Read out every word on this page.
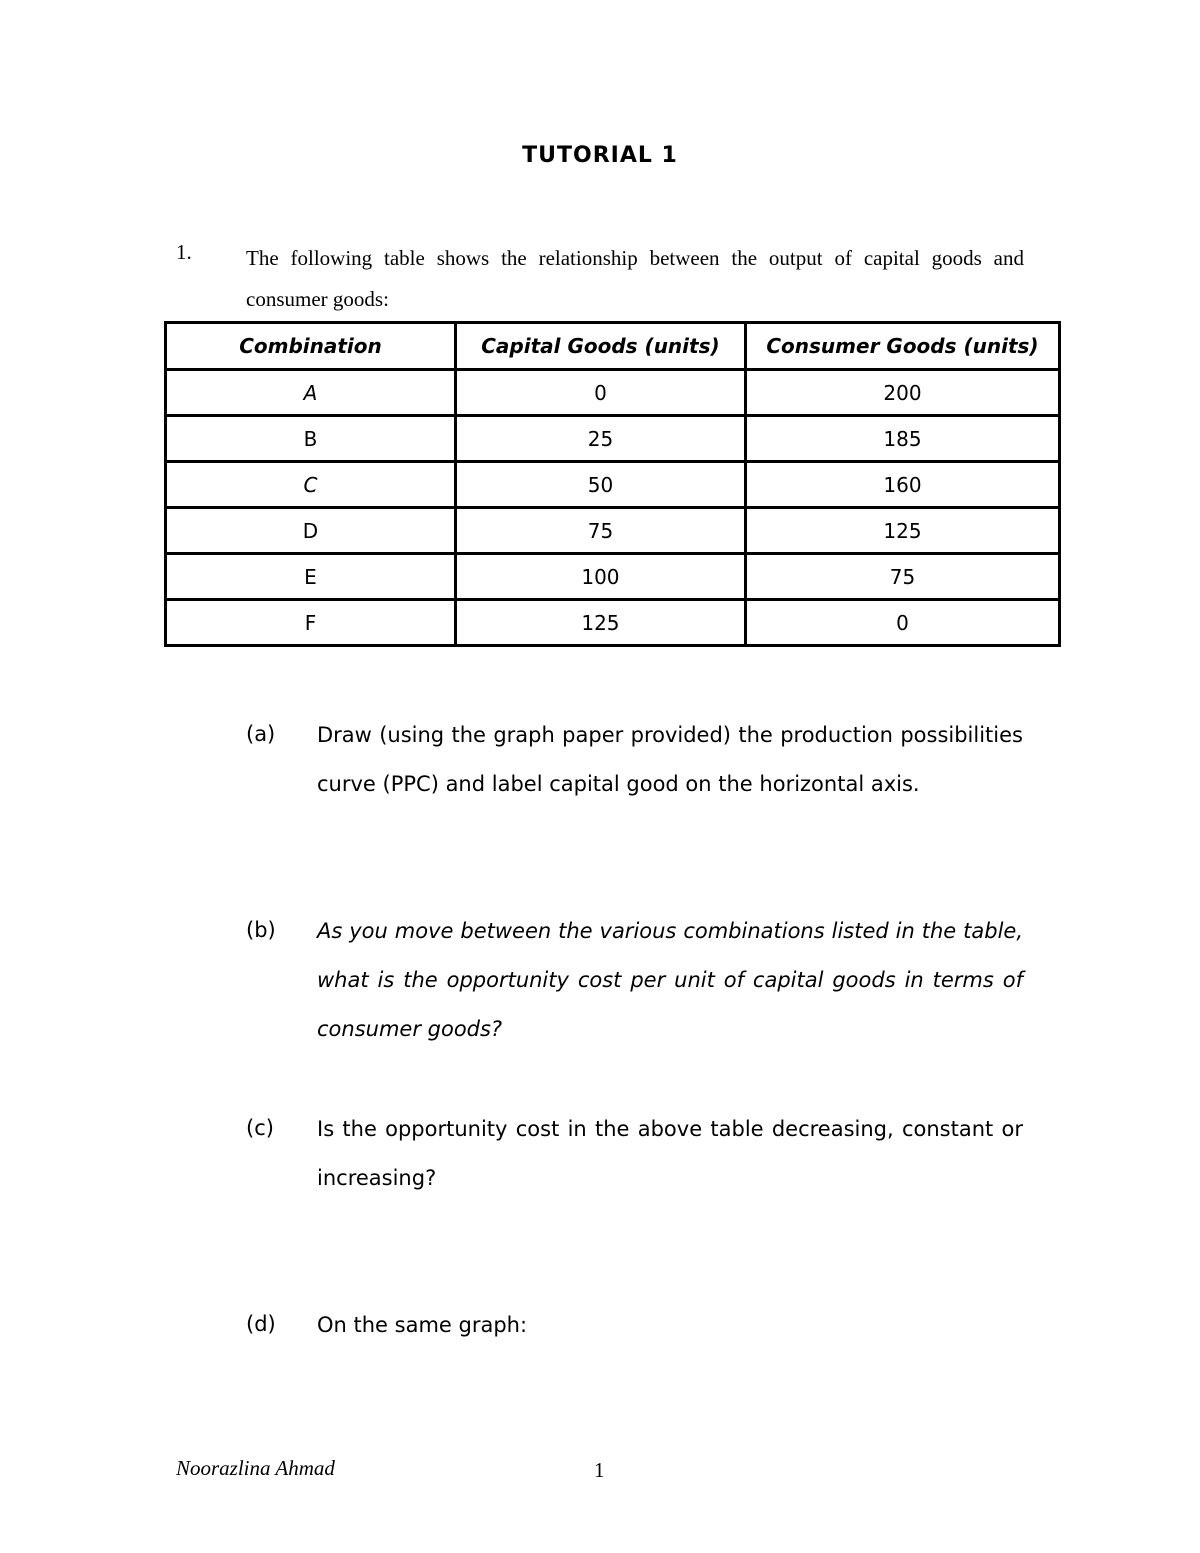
TUTORIAL 1
1.	The following table shows the relationship between the output of capital goods and consumer goods:
Combination	Capital Goods (units)	Consumer Goods (units)
A	0	200
B	25	185
C	50	160
D	75	125
E	100	75
F	125	0
(a) Draw (using the graph paper provided) the production possibilities curve (PPC) and label capital good on the horizontal axis.
(b) As you move between the various combinations listed in the table, what is the opportunity cost per unit of capital goods in terms of consumer goods?
(c) Is the opportunity cost in the above table decreasing, constant or increasing?
(d) On the same graph:
Noorazlina Ahmad	1
